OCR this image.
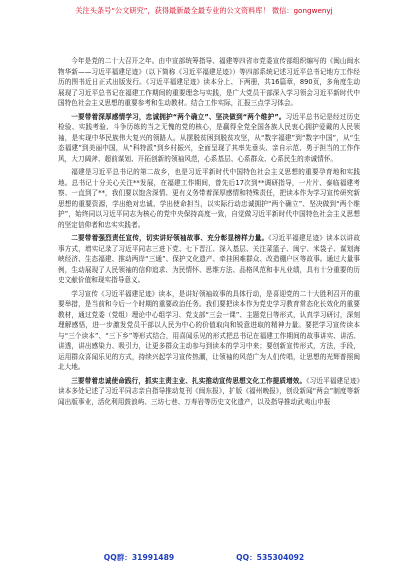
关注头条号“公文研究”，获得最新最全最专业的公文资料库！ 微信：gongwenyj

今年是党的二十大召开之年。由中宣部统筹指导、福建等四省市党委宣传部组织编写的《闽山闽水物华新——习近平福建足迹》（以下简称《习近平福建足迹》）等四部系统记述习近平总书记地方工作经历的图书近日正式出版发行。《习近平福建足迹》读本分上、下两册，共16篇章，890页，多角度生动展现了习近平总书记在福建工作期间的重要理念与实践，是广大党员干部深入学习领会习近平新时代中国特色社会主义思想的重要参考和生动教材。结合工作实际，汇报三点学习体会。

一要带着深厚感情学习，忠诚拥护“两个确立”、坚决做到“两个维护”。习近平总书记是经过历史检验、实践考验、斗争历练的当之无愧的党的核心，是赢得全党全国各族人民衷心拥护爱戴的人民领袖，是实现中华民族伟大复兴的领路人。从摆脱贫困到脱贫攻坚，从“数字福建”到“数字中国”，从“生态福建”到美丽中国，从“科特派”到乡村振兴，全面呈现了其率先垂头、亲自示范、勇于担当的工作作风，大刀阔斧、超前谋划、开拓创新的领袖风范，心系基层、心系群众、心系民生的赤诚情怀。

福建是习近平总书记的第二故乡，也是习近平新时代中国特色社会主义思想的重要孕育地和实践地。总书记十分关心关注**发展，在福建工作期间，曾先后17次到**调研指导，一片片、泰临福建考察、一直到了**，我们要以饱含深情、更有义务带着深厚感情和特殊责任，把读本作为学习宣传研究新思想的重要资源，学出绝对忠诚、学出使命担当，以实际行动忠诚拥护“两个确立”、坚决做到“两个维护”，始终同以习近平同志为核心的党中央保持高度一致，自觉做习近平新时代中国特色社会主义思想的坚定信仰者和忠实实践者。

二要带着强烈责任宣传，切实讲好领袖故事、充分彰显榜样力量。《习近平福建足迹》读本以讲故事方式，增实记录了习近平同志三进下党、七下晋江、深入基层、关注菜篮子、闽宁、米袋子、谋划海峡经济、生态福建、推动两岸“三通”、保护文化遗产、牵挂困难群众、改造棚户区等故事。通过大量事例，生动展现了人民领袖的信仰追求、为民情怀、思维方法、品格风范和非凡业绩，具有十分重要的历史文献价值和现实指导意义。

学习宣传《习近平福建足迹》读本，是讲好领袖故事的具体行动，是喜迎党的二十大胜利召开的重要举措，是当前和今后一个时期的重要政治任务。我们要把读本作为党史学习教育常态化长效化的重要教材，通过党委（党组）理论中心组学习、党支部“三会一课”、主题党日等形式，认真学习研讨，深刻理解感悟，进一步激发党员干部以人民为中心的价值取向和锐意进取的精神力量。要把学习宣传读本与“三个读本”、“三下乡”等形式结合，用喜闻乐见的形式把总书记在福建工作期间的故事讲实、讲活、讲透，讲出感染力、吸引力，让更多群众主动参与到读本的学习中来；要创新宣传形式，方法，手段，运用群众喜闻乐见的方式，持续兴起学习宣传热潮，让领袖的风范广为人们传唱，让思想的光辉普照闽北大地。

三要带着忠诚使命践行，抓实主责主业、扎实推动宣传思想文化工作提质增效。《习近平福建足迹》读本多处记述了习近平同志亲自指导推动复刊《闽东报》，扩版《福州晚报》，创设新闻“两会”制度等新闻出版事业，活化利用鼓浪屿、三坊七巷、万寿岩等历史文化遗产，以及指导推动武夷山申报

QQ群：31991489	QQ：535304092
